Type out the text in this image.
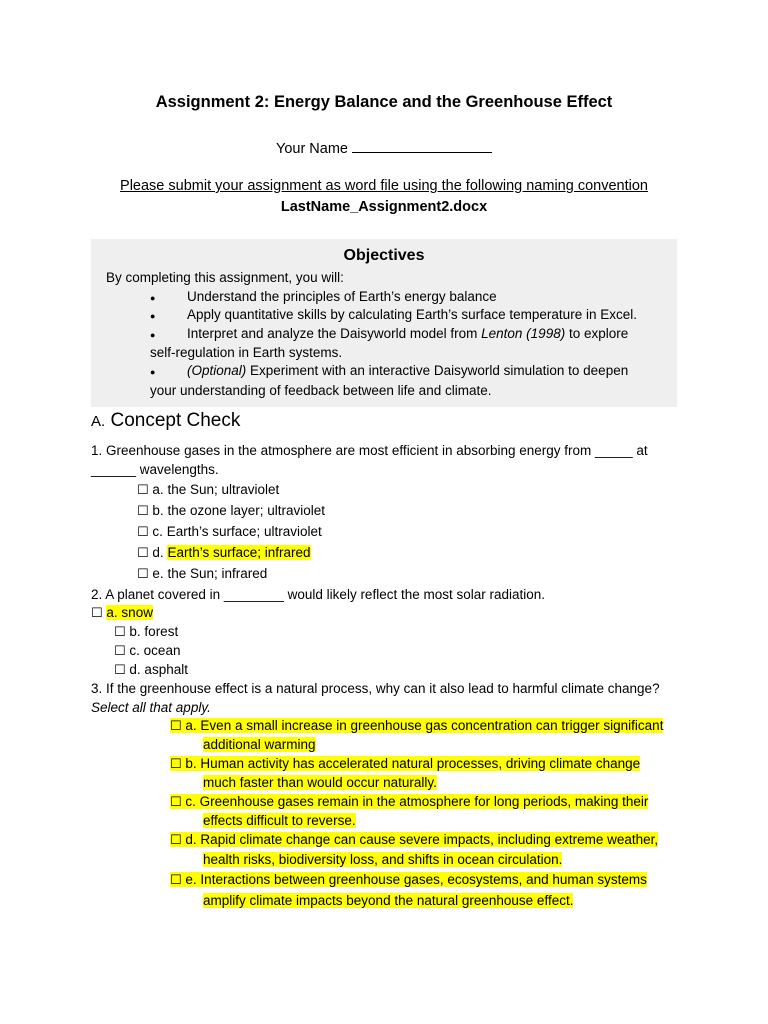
Assignment 2: Energy Balance and the Greenhouse Effect
Your Name
Please submit your assignment as word file using the following naming convention
LastName_Assignment2.docx
Objectives
By completing this assignment, you will:
● Understand the principles of Earth’s energy balance
● Apply quantitative skills by calculating Earth’s surface temperature in Excel.
● Interpret and analyze the Daisyworld model from Lenton (1998) to explore
self-regulation in Earth systems.
● (Optional) Experiment with an interactive Daisyworld simulation to deepen
your understanding of feedback between life and climate.
A. Concept Check
1. Greenhouse gases in the atmosphere are most efficient in absorbing energy from _____ at
______ wavelengths.
☐ a. the Sun; ultraviolet
☐ b. the ozone layer; ultraviolet
☐ c. Earth’s surface; ultraviolet
☐ d. Earth’s surface; infrared
☐ e. the Sun; infrared
2. A planet covered in ________ would likely reflect the most solar radiation.
☐ a. snow
☐ b. forest
☐ c. ocean
☐ d. asphalt
3. If the greenhouse effect is a natural process, why can it also lead to harmful climate change?
Select all that apply.
☐ a. Even a small increase in greenhouse gas concentration can trigger significant
additional warming
☐ b. Human activity has accelerated natural processes, driving climate change
much faster than would occur naturally.
☐ c. Greenhouse gases remain in the atmosphere for long periods, making their
effects difficult to reverse.
☐ d. Rapid climate change can cause severe impacts, including extreme weather,
health risks, biodiversity loss, and shifts in ocean circulation.
☐ e. Interactions between greenhouse gases, ecosystems, and human systems
amplify climate impacts beyond the natural greenhouse effect.
